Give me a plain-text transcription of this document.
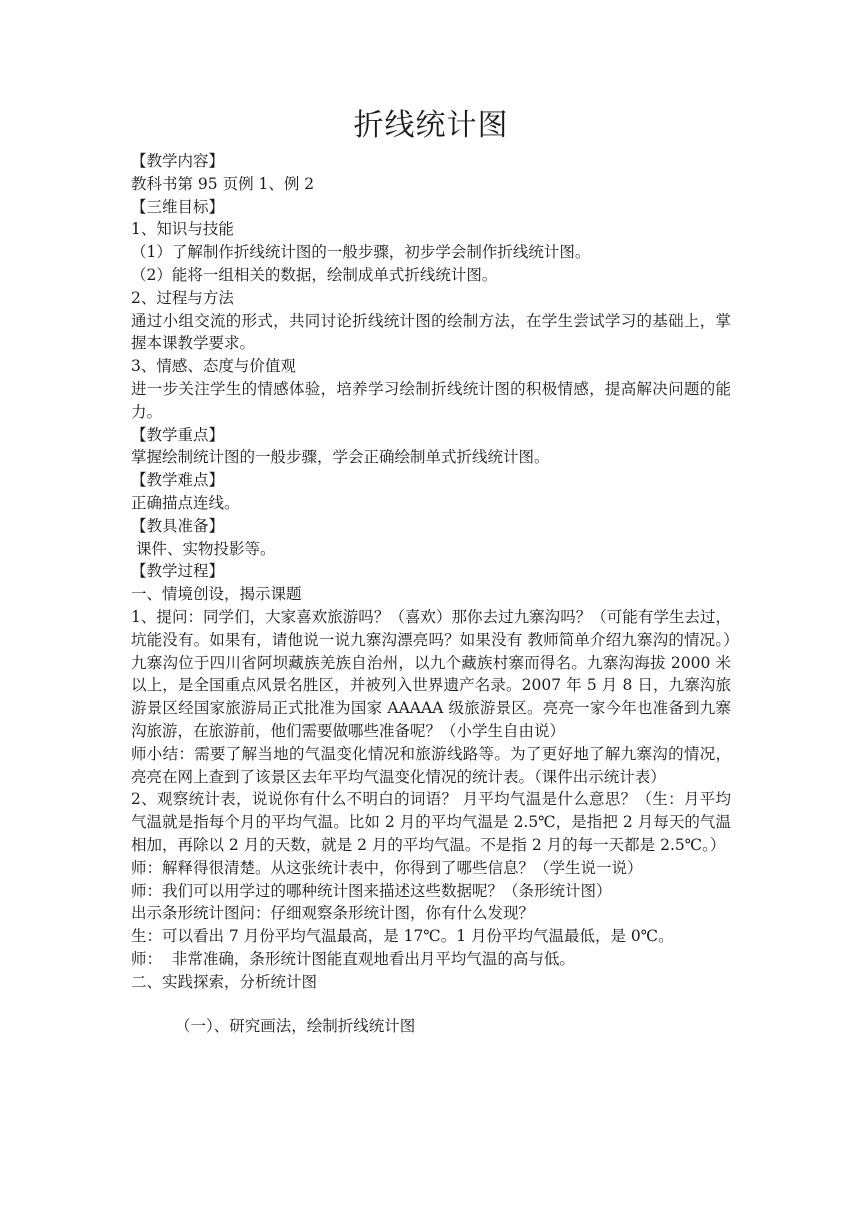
折线统计图

【教学内容】

教科书第 95 页例 1、例 2

【三维目标】

1、知识与技能

（1）了解制作折线统计图的一般步骤，初步学会制作折线统计图。

（2）能将一组相关的数据，绘制成单式折线统计图。

2、过程与方法

通过小组交流的形式，共同讨论折线统计图的绘制方法，在学生尝试学习的基础上，掌握本课教学要求。

3、情感、态度与价值观

进一步关注学生的情感体验，培养学习绘制折线统计图的积极情感，提高解决问题的能力。

【教学重点】

掌握绘制统计图的一般步骤，学会正确绘制单式折线统计图。

【教学难点】

正确描点连线。

【教具准备】

课件、实物投影等。

【教学过程】

一、情境创设，揭示课题

1、提问：同学们，大家喜欢旅游吗？（喜欢）那你去过九寨沟吗？（可能有学生去过，坑能没有。如果有，请他说一说九寨沟漂亮吗？如果没有 教师简单介绍九寨沟的情况。）九寨沟位于四川省阿坝藏族羌族自治州，以九个藏族村寨而得名。九寨沟海拔 2000 米以上，是全国重点风景名胜区，并被列入世界遗产名录。2007 年 5 月 8 日，九寨沟旅游景区经国家旅游局正式批准为国家 AAAAA 级旅游景区。亮亮一家今年也准备到九寨沟旅游，在旅游前，他们需要做哪些准备呢？（小学生自由说）

师小结：需要了解当地的气温变化情况和旅游线路等。为了更好地了解九寨沟的情况，亮亮在网上查到了该景区去年平均气温变化情况的统计表。（课件出示统计表）

2、观察统计表，说说你有什么不明白的词语？ 月平均气温是什么意思？（生：月平均气温就是指每个月的平均气温。比如 2 月的平均气温是 2.5℃，是指把 2 月每天的气温相加，再除以 2 月的天数，就是 2 月的平均气温。不是指 2 月的每一天都是 2.5℃。）

师：解释得很清楚。从这张统计表中，你得到了哪些信息？（学生说一说）

师：我们可以用学过的哪种统计图来描述这些数据呢？（条形统计图）

出示条形统计图问：仔细观察条形统计图，你有什么发现？

生：可以看出 7 月份平均气温最高，是 17℃。1 月份平均气温最低，是 0℃。

师：  非常准确，条形统计图能直观地看出月平均气温的高与低。

二、实践探索，分析统计图

（一）、研究画法，绘制折线统计图
